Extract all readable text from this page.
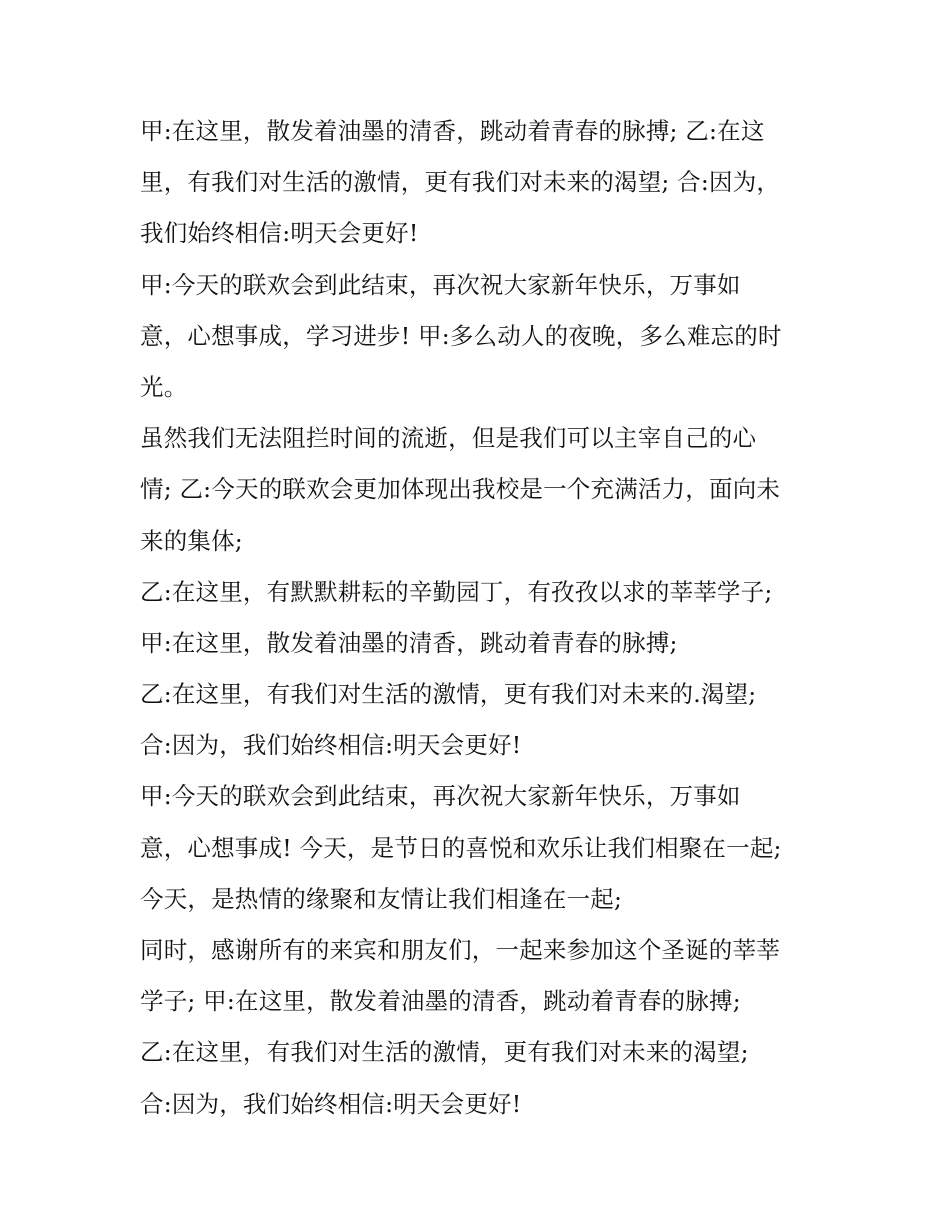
甲:在这里，散发着油墨的清香，跳动着青春的脉搏; 乙:在这
里，有我们对生活的激情，更有我们对未来的渴望; 合:因为，
我们始终相信:明天会更好!
甲:今天的联欢会到此结束，再次祝大家新年快乐，万事如
意，心想事成，学习进步! 甲:多么动人的夜晚，多么难忘的时
光。
虽然我们无法阻拦时间的流逝，但是我们可以主宰自己的心
情; 乙:今天的联欢会更加体现出我校是一个充满活力，面向未
来的集体;
乙:在这里，有默默耕耘的辛勤园丁，有孜孜以求的莘莘学子;
甲:在这里，散发着油墨的清香，跳动着青春的脉搏;
乙:在这里，有我们对生活的激情，更有我们对未来的.渴望;
合:因为，我们始终相信:明天会更好!
甲:今天的联欢会到此结束，再次祝大家新年快乐，万事如
意，心想事成! 今天，是节日的喜悦和欢乐让我们相聚在一起;
今天，是热情的缘聚和友情让我们相逢在一起;
同时，感谢所有的来宾和朋友们，一起来参加这个圣诞的莘莘
学子; 甲:在这里，散发着油墨的清香，跳动着青春的脉搏;
乙:在这里，有我们对生活的激情，更有我们对未来的渴望;
合:因为，我们始终相信:明天会更好!
